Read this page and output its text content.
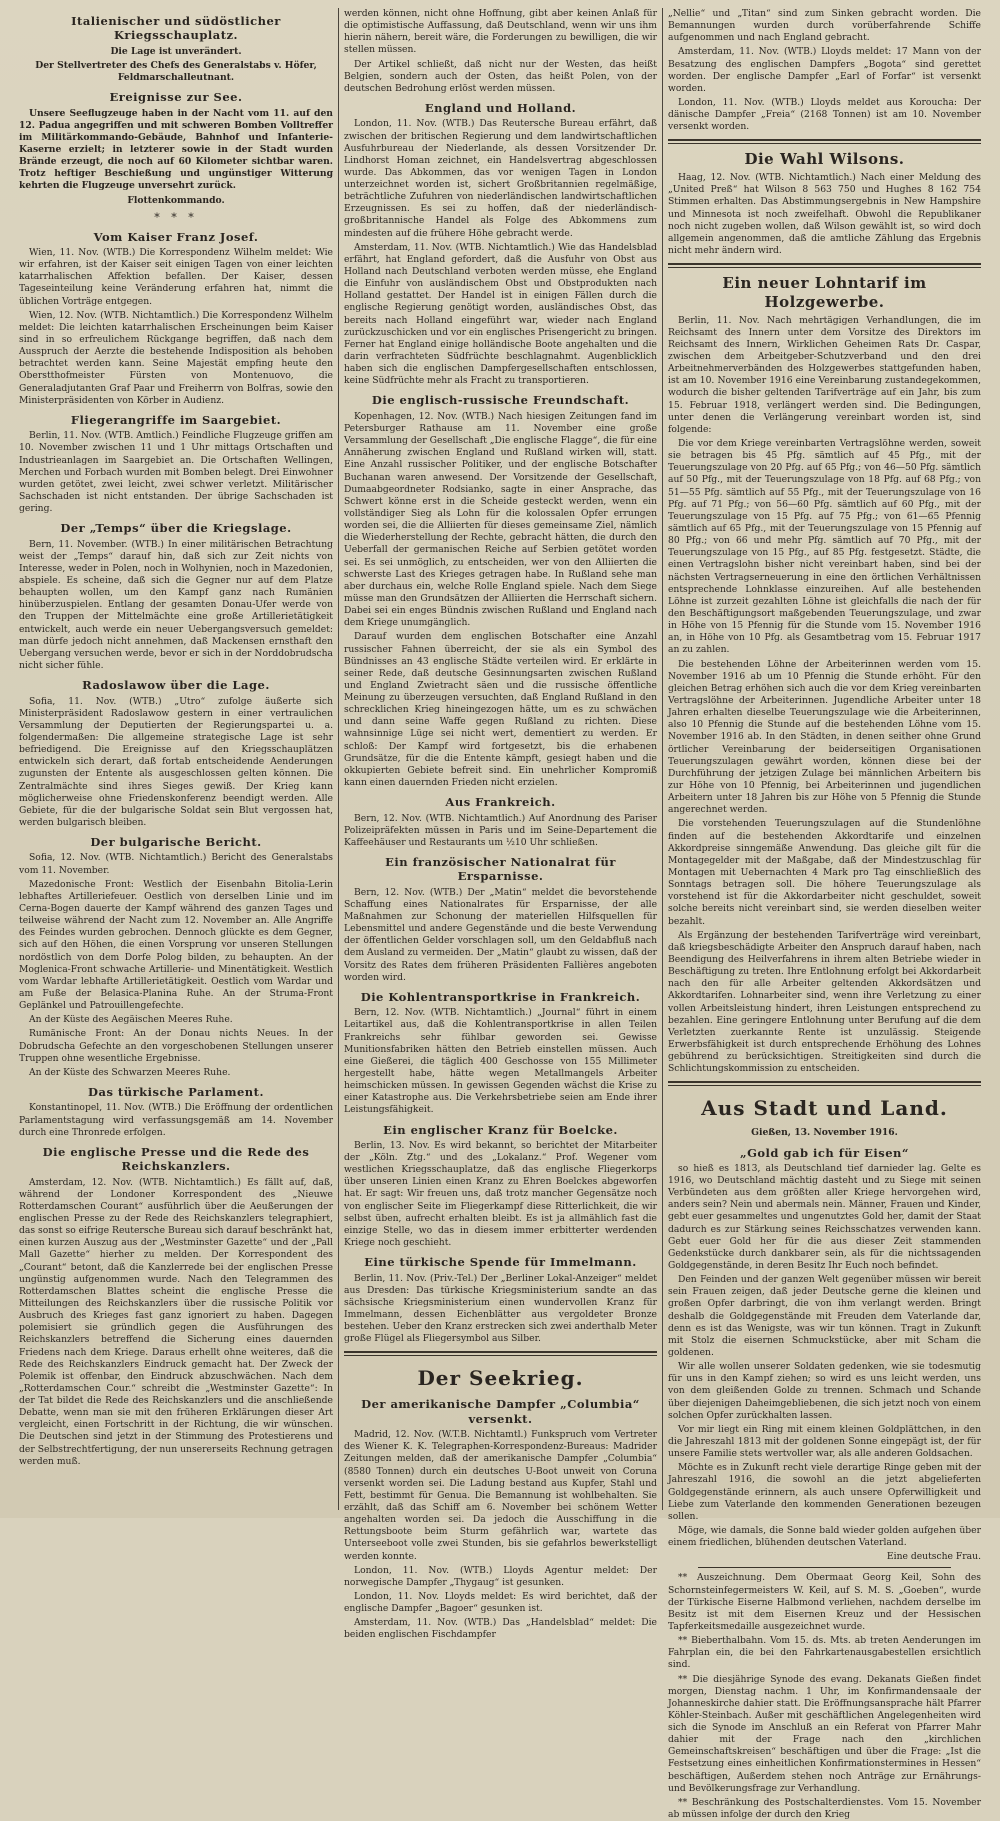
Italienischer und südöstlicher Kriegsschauplatz.

Die Lage ist unverändert.

Der Stellvertreter des Chefs des Generalstabs v. Höfer, Feldmarschalleutnant.

Ereignisse zur See.

Unsere Seeflugzeuge haben in der Nacht vom 11. auf den 12. Padua angegriffen und mit schweren Bomben Volltreffer im Militärkommando-Gebäude, Bahnhof und Infanterie-Kaserne erzielt; in letzterer sowie in der Stadt wurden Brände erzeugt, die noch auf 60 Kilometer sichtbar waren. Trotz heftiger Beschießung und ungünstiger Witterung kehrten die Flugzeuge unversehrt zurück.

Flottenkommando.

* * *
Vom Kaiser Franz Josef.

Wien, 11. Nov. (WTB.) Die Korrespondenz Wilhelm meldet: Wie wir erfahren, ist der Kaiser seit einigen Tagen von einer leichten katarrhalischen Affektion befallen. Der Kaiser, dessen Tageseinteilung keine Veränderung erfahren hat, nimmt die üblichen Vorträge entgegen.

Wien, 12. Nov. (WTB. Nichtamtlich.) Die Korrespondenz Wilhelm meldet: Die leichten katarrhalischen Erscheinungen beim Kaiser sind in so erfreulichem Rückgange begriffen, daß nach dem Ausspruch der Aerzte die bestehende Indisposition als behoben betrachtet werden kann. Seine Majestät empfing heute den Oberstthofmeister Fürsten von Montenuovo, die Generaladjutanten Graf Paar und Freiherrn von Bolfras, sowie den Ministerpräsidenten von Körber in Audienz.

Fliegerangriffe im Saargebiet.

Berlin, 11. Nov. (WTB. Amtlich.) Feindliche Flugzeuge griffen am 10. November zwischen 11 und 1 Uhr mittags Ortschaften und Industrieanlagen im Saargebiet an. Die Ortschaften Wellingen, Merchen und Forbach wurden mit Bomben belegt. Drei Einwohner wurden getötet, zwei leicht, zwei schwer verletzt. Militärischer Sachschaden ist nicht entstanden. Der übrige Sachschaden ist gering.

Der „Temps“ über die Kriegslage.

Bern, 11. November. (WTB.) In einer militärischen Betrachtung weist der „Temps“ darauf hin, daß sich zur Zeit nichts von Interesse, weder in Polen, noch in Wolhynien, noch in Mazedonien, abspiele. Es scheine, daß sich die Gegner nur auf dem Platze behaupten wollen, um den Kampf ganz nach Rumänien hinüberzuspielen. Entlang der gesamten Donau-Ufer werde von den Truppen der Mittelmächte eine große Artillerietätigkeit entwickelt, auch werde ein neuer Uebergangsversuch gemeldet: man dürfe jedoch nicht annehmen, daß Mackensen ernsthaft den Uebergang versuchen werde, bevor er sich in der Norddobrudscha nicht sicher fühle.

Radoslawow über die Lage.

Sofia, 11. Nov. (WTB.) „Utro“ zufolge äußerte sich Ministerpräsident Radoslawow gestern in einer vertraulichen Versammlung der Deputierten der Regierungspartei u. a. folgendermaßen: Die allgemeine strategische Lage ist sehr befriedigend. Die Ereignisse auf den Kriegsschauplätzen entwickeln sich derart, daß fortab entscheidende Aenderungen zugunsten der Entente als ausgeschlossen gelten können. Die Zentralmächte sind ihres Sieges gewiß. Der Krieg kann möglicherweise ohne Friedenskonferenz beendigt werden. Alle Gebiete, für die der bulgarische Soldat sein Blut vergossen hat, werden bulgarisch bleiben.

Der bulgarische Bericht.

Sofia, 12. Nov. (WTB. Nichtamtlich.) Bericht des Generalstabs vom 11. November.

Mazedonische Front: Westlich der Eisenbahn Bitolia-Lerin lebhaftes Artilleriefeuer. Oestlich von derselben Linie und im Cerna-Bogen dauerte der Kampf während des ganzen Tages und teilweise während der Nacht zum 12. November an. Alle Angriffe des Feindes wurden gebrochen. Dennoch glückte es dem Gegner, sich auf den Höhen, die einen Vorsprung vor unseren Stellungen nordöstlich von dem Dorfe Polog bilden, zu behaupten. An der Moglenica-Front schwache Artillerie- und Minentätigkeit. Westlich vom Wardar lebhafte Artillerietätigkeit. Oestlich vom Wardar und am Fuße der Belasica-Planina Ruhe. An der Struma-Front Geplänkel und Patrouillengefechte.

An der Küste des Aegäischen Meeres Ruhe.

Rumänische Front: An der Donau nichts Neues. In der Dobrudscha Gefechte an den vorgeschobenen Stellungen unserer Truppen ohne wesentliche Ergebnisse.

An der Küste des Schwarzen Meeres Ruhe.

Das türkische Parlament.

Konstantinopel, 11. Nov. (WTB.) Die Eröffnung der ordentlichen Parlamentstagung wird verfassungsgemäß am 14. November durch eine Thronrede erfolgen.

Die englische Presse und die Rede des Reichskanzlers.

Amsterdam, 12. Nov. (WTB. Nichtamtlich.) Es fällt auf, daß, während der Londoner Korrespondent des „Nieuwe Rotterdamschen Courant“ ausführlich über die Aeußerungen der englischen Presse zu der Rede des Reichskanzlers telegraphiert, das sonst so eifrige Reutersche Bureau sich darauf beschränkt hat, einen kurzen Auszug aus der „Westminster Gazette“ und der „Pall Mall Gazette“ hierher zu melden. Der Korrespondent des „Courant“ betont, daß die Kanzlerrede bei der englischen Presse ungünstig aufgenommen wurde. Nach den Telegrammen des Rotterdamschen Blattes scheint die englische Presse die Mitteilungen des Reichskanzlers über die russische Politik vor Ausbruch des Krieges fast ganz ignoriert zu haben. Dagegen polemisiert sie gründlich gegen die Ausführungen des Reichskanzlers betreffend die Sicherung eines dauernden Friedens nach dem Kriege. Daraus erhellt ohne weiteres, daß die Rede des Reichskanzlers Eindruck gemacht hat. Der Zweck der Polemik ist offenbar, den Eindruck abzuschwächen. Nach dem „Rotterdamschen Cour.“ schreibt die „Westminster Gazette“: In der Tat bildet die Rede des Reichskanzlers und die anschließende Debatte, wenn man sie mit den früheren Erklärungen dieser Art vergleicht, einen Fortschritt in der Richtung, die wir wünschen. Die Deutschen sind jetzt in der Stimmung des Protestierens und der Selbstrechtfertigung, der nun unsererseits Rechnung getragen werden muß.

werden können, nicht ohne Hoffnung, gibt aber keinen Anlaß für die optimistische Auffassung, daß Deutschland, wenn wir uns ihm hierin nähern, bereit wäre, die Forderungen zu bewilligen, die wir stellen müssen.

Der Artikel schließt, daß nicht nur der Westen, das heißt Belgien, sondern auch der Osten, das heißt Polen, von der deutschen Bedrohung erlöst werden müssen.

England und Holland.

London, 11. Nov. (WTB.) Das Reutersche Bureau erfährt, daß zwischen der britischen Regierung und dem landwirtschaftlichen Ausfuhrbureau der Niederlande, als dessen Vorsitzender Dr. Lindhorst Homan zeichnet, ein Handelsvertrag abgeschlossen wurde. Das Abkommen, das vor wenigen Tagen in London unterzeichnet worden ist, sichert Großbritannien regelmäßige, beträchtliche Zufuhren von niederländischen landwirtschaftlichen Erzeugnissen. Es sei zu hoffen, daß der niederländisch-großbritannische Handel als Folge des Abkommens zum mindesten auf die frühere Höhe gebracht werde.

Amsterdam, 11. Nov. (WTB. Nichtamtlich.) Wie das Handelsblad erfährt, hat England gefordert, daß die Ausfuhr von Obst aus Holland nach Deutschland verboten werden müsse, ehe England die Einfuhr von ausländischem Obst und Obstprodukten nach Holland gestattet. Der Handel ist in einigen Fällen durch die englische Regierung genötigt worden, ausländisches Obst, das bereits nach Holland eingeführt war, wieder nach England zurückzuschicken und vor ein englisches Prisengericht zu bringen. Ferner hat England einige holländische Boote angehalten und die darin verfrachteten Südfrüchte beschlagnahmt. Augenblicklich haben sich die englischen Dampfergesellschaften entschlossen, keine Südfrüchte mehr als Fracht zu transportieren.

Die englisch-russische Freundschaft.

Kopenhagen, 12. Nov. (WTB.) Nach hiesigen Zeitungen fand im Petersburger Rathause am 11. November eine große Versammlung der Gesellschaft „Die englische Flagge“, die für eine Annäherung zwischen England und Rußland wirken will, statt. Eine Anzahl russischer Politiker, und der englische Botschafter Buchanan waren anwesend. Der Vorsitzende der Gesellschaft, Dumaabgeordneter Rodsianko, sagte in einer Ansprache, das Schwert könne erst in die Scheide gesteckt werden, wenn ein vollständiger Sieg als Lohn für die kolossalen Opfer errungen worden sei, die die Alliierten für dieses gemeinsame Ziel, nämlich die Wiederherstellung der Rechte, gebracht hätten, die durch den Ueberfall der germanischen Reiche auf Serbien getötet worden sei. Es sei unmöglich, zu entscheiden, wer von den Alliierten die schwerste Last des Krieges getragen habe. In Rußland sehe man aber durchaus ein, welche Rolle England spiele. Nach dem Siege müsse man den Grundsätzen der Alliierten die Herrschaft sichern. Dabei sei ein enges Bündnis zwischen Rußland und England nach dem Kriege unumgänglich.

Darauf wurden dem englischen Botschafter eine Anzahl russischer Fahnen überreicht, der sie als ein Symbol des Bündnisses an 43 englische Städte verteilen wird. Er erklärte in seiner Rede, daß deutsche Gesinnungsarten zwischen Rußland und England Zwietracht säen und die russische öffentliche Meinung zu überzeugen versuchten, daß England Rußland in den schrecklichen Krieg hineingezogen hätte, um es zu schwächen und dann seine Waffe gegen Rußland zu richten. Diese wahnsinnige Lüge sei nicht wert, dementiert zu werden. Er schloß: Der Kampf wird fortgesetzt, bis die erhabenen Grundsätze, für die die Entente kämpft, gesiegt haben und die okkupierten Gebiete befreit sind. Ein unehrlicher Kompromiß kann einen dauernden Frieden nicht erzielen.

Aus Frankreich.

Bern, 12. Nov. (WTB. Nichtamtlich.) Auf Anordnung des Pariser Polizeipräfekten müssen in Paris und im Seine-Departement die Kaffeehäuser und Restaurants um ½10 Uhr schließen.

Ein französischer Nationalrat für Ersparnisse.

Bern, 12. Nov. (WTB.) Der „Matin“ meldet die bevorstehende Schaffung eines Nationalrates für Ersparnisse, der alle Maßnahmen zur Schonung der materiellen Hilfsquellen für Lebensmittel und andere Gegenstände und die beste Verwendung der öffentlichen Gelder vorschlagen soll, um den Geldabfluß nach dem Ausland zu vermeiden. Der „Matin“ glaubt zu wissen, daß der Vorsitz des Rates dem früheren Präsidenten Fallières angeboten worden wird.

Die Kohlentransportkrise in Frankreich.

Bern, 12. Nov. (WTB. Nichtamtlich.) „Journal“ führt in einem Leitartikel aus, daß die Kohlentransportkrise in allen Teilen Frankreichs sehr fühlbar geworden sei. Gewisse Munitionsfabriken hätten den Betrieb einstellen müssen. Auch eine Gießerei, die täglich 400 Geschosse von 155 Millimeter hergestellt habe, hätte wegen Metallmangels Arbeiter heimschicken müssen. In gewissen Gegenden wächst die Krise zu einer Katastrophe aus. Die Verkehrsbetriebe seien am Ende ihrer Leistungsfähigkeit.

Ein englischer Kranz für Boelcke.

Berlin, 13. Nov. Es wird bekannt, so berichtet der Mitarbeiter der „Köln. Ztg.“ und des „Lokalanz.“ Prof. Wegener vom westlichen Kriegsschauplatze, daß das englische Fliegerkorps über unseren Linien einen Kranz zu Ehren Boelckes abgeworfen hat. Er sagt: Wir freuen uns, daß trotz mancher Gegensätze noch von englischer Seite im Fliegerkampf diese Ritterlichkeit, die wir selbst üben, aufrecht erhalten bleibt. Es ist ja allmählich fast die einzige Stelle, wo das in diesem immer erbitterter werdenden Kriege noch geschieht.

Eine türkische Spende für Immelmann.

Berlin, 11. Nov. (Priv.-Tel.) Der „Berliner Lokal-Anzeiger“ meldet aus Dresden: Das türkische Kriegsministerium sandte an das sächsische Kriegsministerium einen wundervollen Kranz für Immelmann, dessen Eichenblätter aus vergoldeter Bronze bestehen. Ueber den Kranz erstrecken sich zwei anderthalb Meter große Flügel als Fliegersymbol aus Silber.

Der Seekrieg.
Der amerikanische Dampfer „Columbia“ versenkt.

Madrid, 12. Nov. (W.T.B. Nichtamtl.) Funkspruch vom Vertreter des Wiener K. K. Telegraphen-Korrespondenz-Bureaus: Madrider Zeitungen melden, daß der amerikanische Dampfer „Columbia“ (8580 Tonnen) durch ein deutsches U-Boot unweit von Coruna versenkt worden sei. Die Ladung bestand aus Kupfer, Stahl und Fett, bestimmt für Genua. Die Bemannung ist wohlbehalten. Sie erzählt, daß das Schiff am 6. November bei schönem Wetter angehalten worden sei. Da jedoch die Ausschiffung in die Rettungsboote beim Sturm gefährlich war, wartete das Unterseeboot volle zwei Stunden, bis sie gefahrlos bewerkstelligt werden konnte.

London, 11. Nov. (WTB.) Lloyds Agentur meldet: Der norwegische Dampfer „Thygaug“ ist gesunken.

London, 11. Nov. Lloyds meldet: Es wird berichtet, daß der englische Dampfer „Bagoer“ gesunken ist.

Amsterdam, 11. Nov. (WTB.) Das „Handelsblad“ meldet: Die beiden englischen Fischdampfer

„Nellie“ und „Titan“ sind zum Sinken gebracht worden. Die Bemannungen wurden durch vorüberfahrende Schiffe aufgenommen und nach England gebracht.

Amsterdam, 11. Nov. (WTB.) Lloyds meldet: 17 Mann von der Besatzung des englischen Dampfers „Bogota“ sind gerettet worden. Der englische Dampfer „Earl of Forfar“ ist versenkt worden.

London, 11. Nov. (WTB.) Lloyds meldet aus Koroucha: Der dänische Dampfer „Freia“ (2168 Tonnen) ist am 10. November versenkt worden.

Die Wahl Wilsons.

Haag, 12. Nov. (WTB. Nichtamtlich.) Nach einer Meldung des „United Preß“ hat Wilson 8 563 750 und Hughes 8 162 754 Stimmen erhalten. Das Abstimmungsergebnis in New Hampshire und Minnesota ist noch zweifelhaft. Obwohl die Republikaner noch nicht zugeben wollen, daß Wilson gewählt ist, so wird doch allgemein angenommen, daß die amtliche Zählung das Ergebnis nicht mehr ändern wird.

Ein neuer Lohntarif im Holzgewerbe.

Berlin, 11. Nov. Nach mehrtägigen Verhandlungen, die im Reichsamt des Innern unter dem Vorsitze des Direktors im Reichsamt des Innern, Wirklichen Geheimen Rats Dr. Caspar, zwischen dem Arbeitgeber-Schutzverband und den drei Arbeitnehmerverbänden des Holzgewerbes stattgefunden haben, ist am 10. November 1916 eine Vereinbarung zustandegekommen, wodurch die bisher geltenden Tarifverträge auf ein Jahr, bis zum 15. Februar 1918, verlängert werden sind. Die Bedingungen, unter denen die Verlängerung vereinbart worden ist, sind folgende:

Die vor dem Kriege vereinbarten Vertragslöhne werden, soweit sie betragen bis 45 Pfg. sämtlich auf 45 Pfg., mit der Teuerungszulage von 20 Pfg. auf 65 Pfg.; von 46—50 Pfg. sämtlich auf 50 Pfg., mit der Teuerungszulage von 18 Pfg. auf 68 Pfg.; von 51—55 Pfg. sämtlich auf 55 Pfg., mit der Teuerungszulage von 16 Pfg. auf 71 Pfg.; von 56—60 Pfg. sämtlich auf 60 Pfg., mit der Teuerungszulage von 15 Pfg. auf 75 Pfg.; von 61—65 Pfennig sämtlich auf 65 Pfg., mit der Teuerungszulage von 15 Pfennig auf 80 Pfg.; von 66 und mehr Pfg. sämtlich auf 70 Pfg., mit der Teuerungszulage von 15 Pfg., auf 85 Pfg. festgesetzt. Städte, die einen Vertragslohn bisher nicht vereinbart haben, sind bei der nächsten Vertragserneuerung in eine den örtlichen Verhältnissen entsprechende Lohnklasse einzureihen. Auf alle bestehenden Löhne ist zurzeit gezahlten Löhne ist gleichfalls die nach der für den Beschäftigungsort maßgebenden Teuerungszulage, und zwar in Höhe von 15 Pfennig für die Stunde vom 15. November 1916 an, in Höhe von 10 Pfg. als Gesamtbetrag vom 15. Februar 1917 an zu zahlen.

Die bestehenden Löhne der Arbeiterinnen werden vom 15. November 1916 ab um 10 Pfennig die Stunde erhöht. Für den gleichen Betrag erhöhen sich auch die vor dem Krieg vereinbarten Vertragslöhne der Arbeiterinnen. Jugendliche Arbeiter unter 18 Jahren erhalten dieselbe Teuerungszulage wie die Arbeiterinnen, also 10 Pfennig die Stunde auf die bestehenden Löhne vom 15. November 1916 ab. In den Städten, in denen seither ohne Grund örtlicher Vereinbarung der beiderseitigen Organisationen Teuerungszulagen gewährt worden, können diese bei der Durchführung der jetzigen Zulage bei männlichen Arbeitern bis zur Höhe von 10 Pfennig, bei Arbeiterinnen und jugendlichen Arbeitern unter 18 Jahren bis zur Höhe von 5 Pfennig die Stunde angerechnet werden.

Die vorstehenden Teuerungszulagen auf die Stundenlöhne finden auf die bestehenden Akkordtarife und einzelnen Akkordpreise sinngemäße Anwendung. Das gleiche gilt für die Montagegelder mit der Maßgabe, daß der Mindestzuschlag für Montagen mit Uebernachten 4 Mark pro Tag einschließlich des Sonntags betragen soll. Die höhere Teuerungszulage als vorstehend ist für die Akkordarbeiter nicht geschuldet, soweit solche bereits nicht vereinbart sind, sie werden dieselben weiter bezahlt.

Als Ergänzung der bestehenden Tarifverträge wird vereinbart, daß kriegsbeschädigte Arbeiter den Anspruch darauf haben, nach Beendigung des Heilverfahrens in ihrem alten Betriebe wieder in Beschäftigung zu treten. Ihre Entlohnung erfolgt bei Akkordarbeit nach den für alle Arbeiter geltenden Akkordsätzen und Akkordtarifen. Lohnarbeiter sind, wenn ihre Verletzung zu einer vollen Arbeitsleistung hindert, ihren Leistungen entsprechend zu bezahlen. Eine geringere Entlohnung unter Berufung auf die dem Verletzten zuerkannte Rente ist unzulässig. Steigende Erwerbsfähigkeit ist durch entsprechende Erhöhung des Lohnes gebührend zu berücksichtigen. Streitigkeiten sind durch die Schlichtungskommission zu entscheiden.

Aus Stadt und Land.

Gießen, 13. November 1916.

„Gold gab ich für Eisen“

so hieß es 1813, als Deutschland tief darnieder lag. Gelte es 1916, wo Deutschland mächtig dasteht und zu Siege mit seinen Verbündeten aus dem größten aller Kriege hervorgehen wird, anders sein? Nein und abermals nein. Männer, Frauen und Kinder, gebt euer gesammeltes und ungenutztes Gold her, damit der Staat dadurch es zur Stärkung seines Reichsschatzes verwenden kann. Gebt euer Gold her für die aus dieser Zeit stammenden Gedenkstücke durch dankbarer sein, als für die nichtssagenden Goldgegenstände, in deren Besitz Ihr Euch noch befindet.

Den Feinden und der ganzen Welt gegenüber müssen wir bereit sein Frauen zeigen, daß jeder Deutsche gerne die kleinen und großen Opfer darbringt, die von ihm verlangt werden. Bringt deshalb die Goldgegenstände mit Freuden dem Vaterlande dar, denn es ist das Wenigste, was wir tun können. Tragt in Zukunft mit Stolz die eisernen Schmuckstücke, aber mit Scham die goldenen.

Wir alle wollen unserer Soldaten gedenken, wie sie todesmutig für uns in den Kampf ziehen; so wird es uns leicht werden, uns von dem gleißenden Golde zu trennen. Schmach und Schande über diejenigen Daheimgebliebenen, die sich jetzt noch von einem solchen Opfer zurückhalten lassen.

Vor mir liegt ein Ring mit einem kleinen Goldplättchen, in den die Jahreszahl 1813 mit der goldenen Sonne eingepägt ist, der für unsere Familie stets wertvoller war, als alle anderen Goldsachen.

Möchte es in Zukunft recht viele derartige Ringe geben mit der Jahreszahl 1916, die sowohl an die jetzt abgelieferten Goldgegenstände erinnern, als auch unsere Opferwilligkeit und Liebe zum Vaterlande den kommenden Generationen bezeugen sollen.

Möge, wie damals, die Sonne bald wieder golden aufgehen über einem friedlichen, blühenden deutschen Vaterland.

Eine deutsche Frau.

** Auszeichnung. Dem Obermaat Georg Keil, Sohn des Schornsteinfegermeisters W. Keil, auf S. M. S. „Goeben“, wurde der Türkische Eiserne Halbmond verliehen, nachdem derselbe im Besitz ist mit dem Eisernen Kreuz und der Hessischen Tapferkeitsmedaille ausgezeichnet wurde.

** Bieberthalbahn. Vom 15. ds. Mts. ab treten Aenderungen im Fahrplan ein, die bei den Fahrkartenausgabestellen ersichtlich sind.

** Die diesjährige Synode des evang. Dekanats Gießen findet morgen, Dienstag nachm. 1 Uhr, im Konfirmandensaale der Johanneskirche dahier statt. Die Eröffnungsansprache hält Pfarrer Köhler-Steinbach. Außer mit geschäftlichen Angelegenheiten wird sich die Synode im Anschluß an ein Referat von Pfarrer Mahr dahier mit der Frage nach den „kirchlichen Gemeinschaftskreisen“ beschäftigen und über die Frage: „Ist die Festsetzung eines einheitlichen Konfirmationstermines in Hessen“ beschäftigen, Außerdem stehen noch Anträge zur Ernährungs- und Bevölkerungsfrage zur Verhandlung.

** Beschränkung des Postschalterdienstes. Vom 15. November ab müssen infolge der durch den Krieg
